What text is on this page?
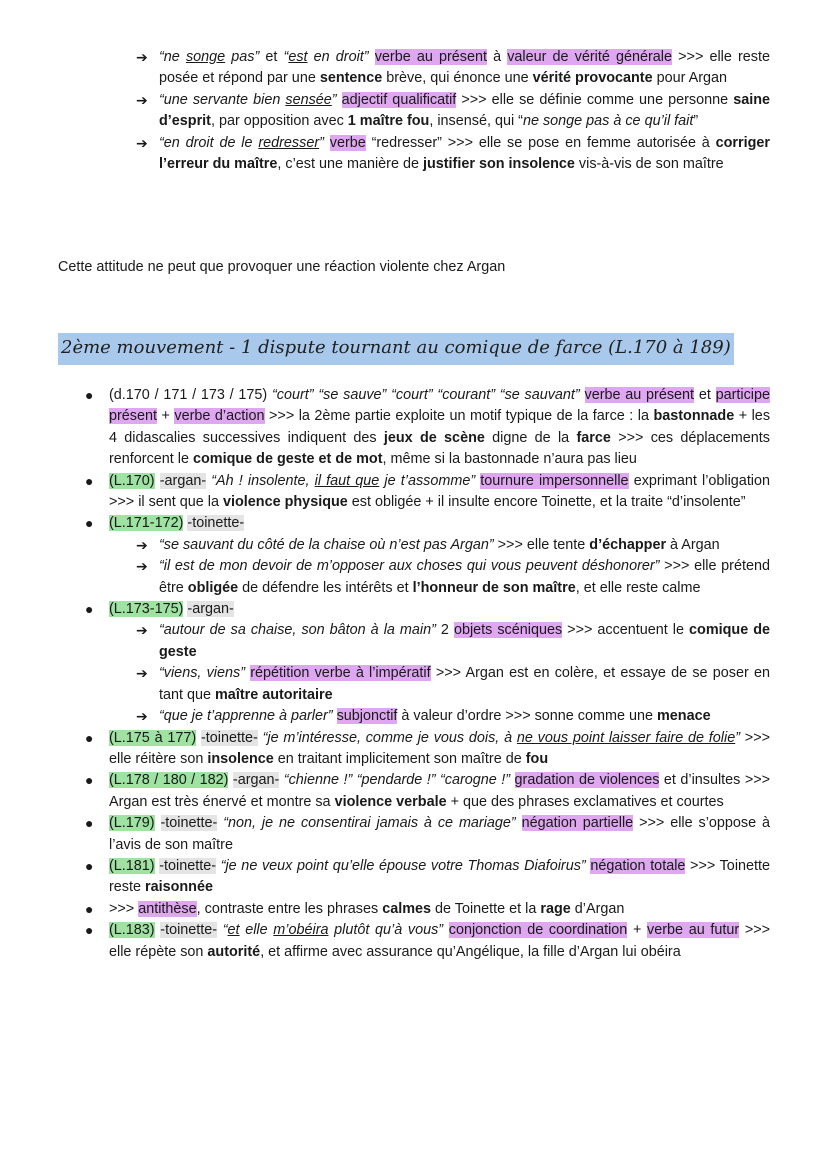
➔ “ne songe pas” et “est en droit” verbe au présent à valeur de vérité générale >>> elle reste posée et répond par une sentence brève, qui énonce une vérité provocante pour Argan
➔ “une servante bien sensée” adjectif qualificatif >>> elle se définie comme une personne saine d’esprit, par opposition avec 1 maître fou, insensé, qui “ne songe pas à ce qu’il fait”
➔ “en droit de le redresser” verbe “redresser” >>> elle se pose en femme autorisée à corriger l’erreur du maître, c’est une manière de justifier son insolence vis-à-vis de son maître
Cette attitude ne peut que provoquer une réaction violente chez Argan
2ème mouvement - 1 dispute tournant au comique de farce (L.170 à 189)
● (d.170 / 171 / 173 / 175) “court” “se sauve” “court” “courant” “se sauvant” verbe au présent et participe présent + verbe d’action >>> la 2ème partie exploite un motif typique de la farce : la bastonnade + les 4 didascalies successives indiquent des jeux de scène digne de la farce >>> ces déplacements renforcent le comique de geste et de mot, même si la bastonnade n’aura pas lieu
● (L.170) -argan- “Ah ! insolente, il faut que je t’assomme” tournure impersonnelle exprimant l’obligation >>> il sent que la violence physique est obligée + il insulte encore Toinette, et la traite “d’insolente”
● (L.171-172) -toinette-
➔ “se sauvant du côté de la chaise où n’est pas Argan” >>> elle tente d’échapper à Argan
➔ “il est de mon devoir de m’opposer aux choses qui vous peuvent déshonorer” >>> elle prétend être obligée de défendre les intérêts et l’honneur de son maître, et elle reste calme
● (L.173-175) -argan-
➔ “autour de sa chaise, son bâton à la main” 2 objets scéniques >>> accentuent le comique de geste
➔ “viens, viens” répétition verbe à l’impératif >>> Argan est en colère, et essaye de se poser en tant que maître autoritaire
➔ “que je t’apprenne à parler” subjonctif à valeur d’ordre >>> sonne comme une menace
● (L.175 à 177) -toinette- “je m’intéresse, comme je vous dois, à ne vous point laisser faire de folie” >>> elle réitère son insolence en traitant implicitement son maître de fou
● (L.178 / 180 / 182) -argan- “chienne !” “pendarde !” “carogne !” gradation de violences et d’insultes >>> Argan est très énervé et montre sa violence verbale + que des phrases exclamatives et courtes
● (L.179) -toinette- “non, je ne consentirai jamais à ce mariage” négation partielle >>> elle s’oppose à l’avis de son maître
● (L.181) -toinette- “je ne veux point qu’elle épouse votre Thomas Diafoirus” négation totale >>> Toinette reste raisonnée
● >>> antithèse, contraste entre les phrases calmes de Toinette et la rage d’Argan
● (L.183) -toinette- “et elle m’obéira plutôt qu’à vous” conjonction de coordination + verbe au futur >>> elle répète son autorité, et affirme avec assurance qu’Angélique, la fille d’Argan lui obéira
